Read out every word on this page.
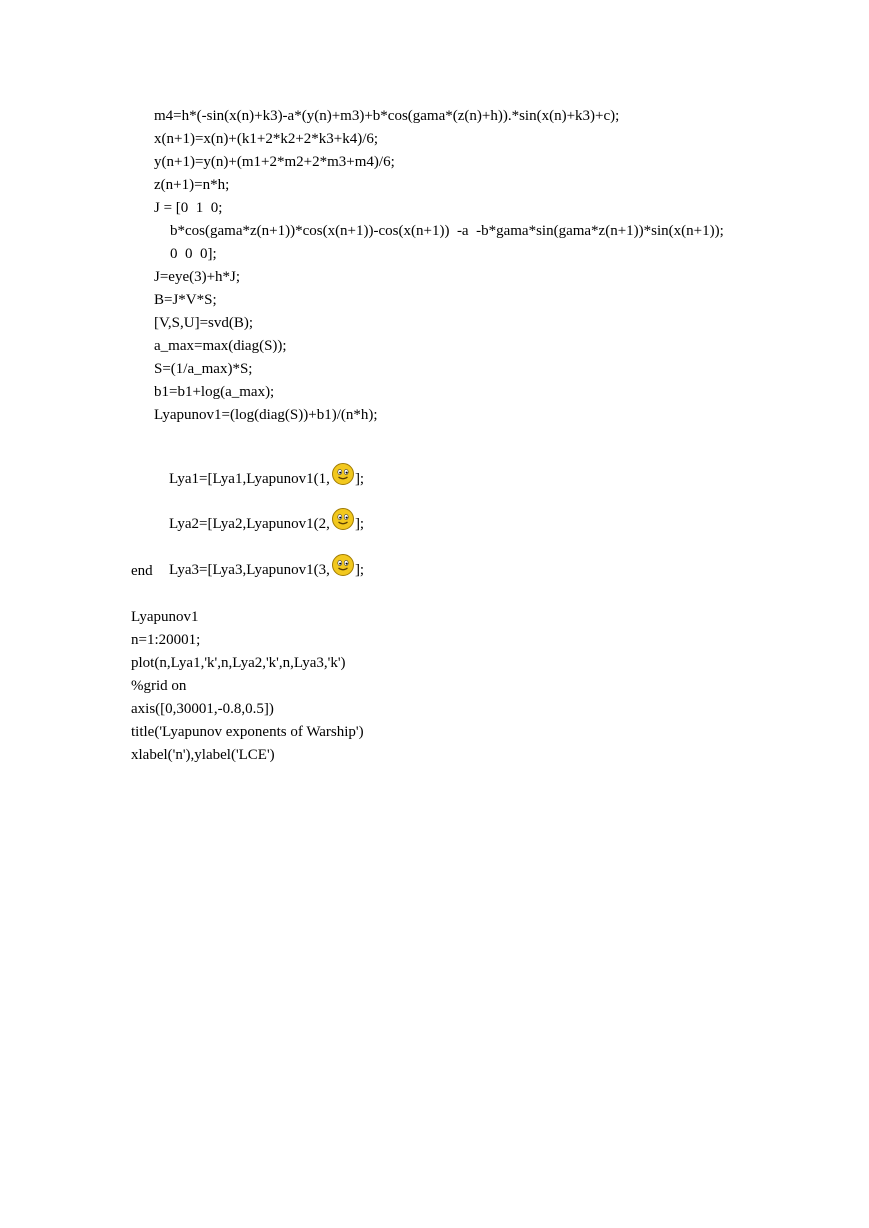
m4=h*(-sin(x(n)+k3)-a*(y(n)+m3)+b*cos(gama*(z(n)+h)).*sin(x(n)+k3)+c);
x(n+1)=x(n)+(k1+2*k2+2*k3+k4)/6;
y(n+1)=y(n)+(m1+2*m2+2*m3+m4)/6;
z(n+1)=n*h;
J = [0  1  0;
b*cos(gama*z(n+1))*cos(x(n+1))-cos(x(n+1))  -a  -b*gama*sin(gama*z(n+1))*sin(x(n+1));
0  0  0];
J=eye(3)+h*J;
B=J*V*S;
[V,S,U]=svd(B);
a_max=max(diag(S));
S=(1/a_max)*S;
b1=b1+log(a_max);
Lyapunov1=(log(diag(S))+b1)/(n*h);

Lya1=[Lya1,Lyapunov1(1, ];

Lya2=[Lya2,Lyapunov1(2, ];

Lya3=[Lya3,Lyapunov1(3, ];

end
Lyapunov1
n=1:20001;
plot(n,Lya1,'k',n,Lya2,'k',n,Lya3,'k')
%grid on
axis([0,30001,-0.8,0.5])
title('Lyapunov exponents of Warship')
xlabel('n'),ylabel('LCE')
